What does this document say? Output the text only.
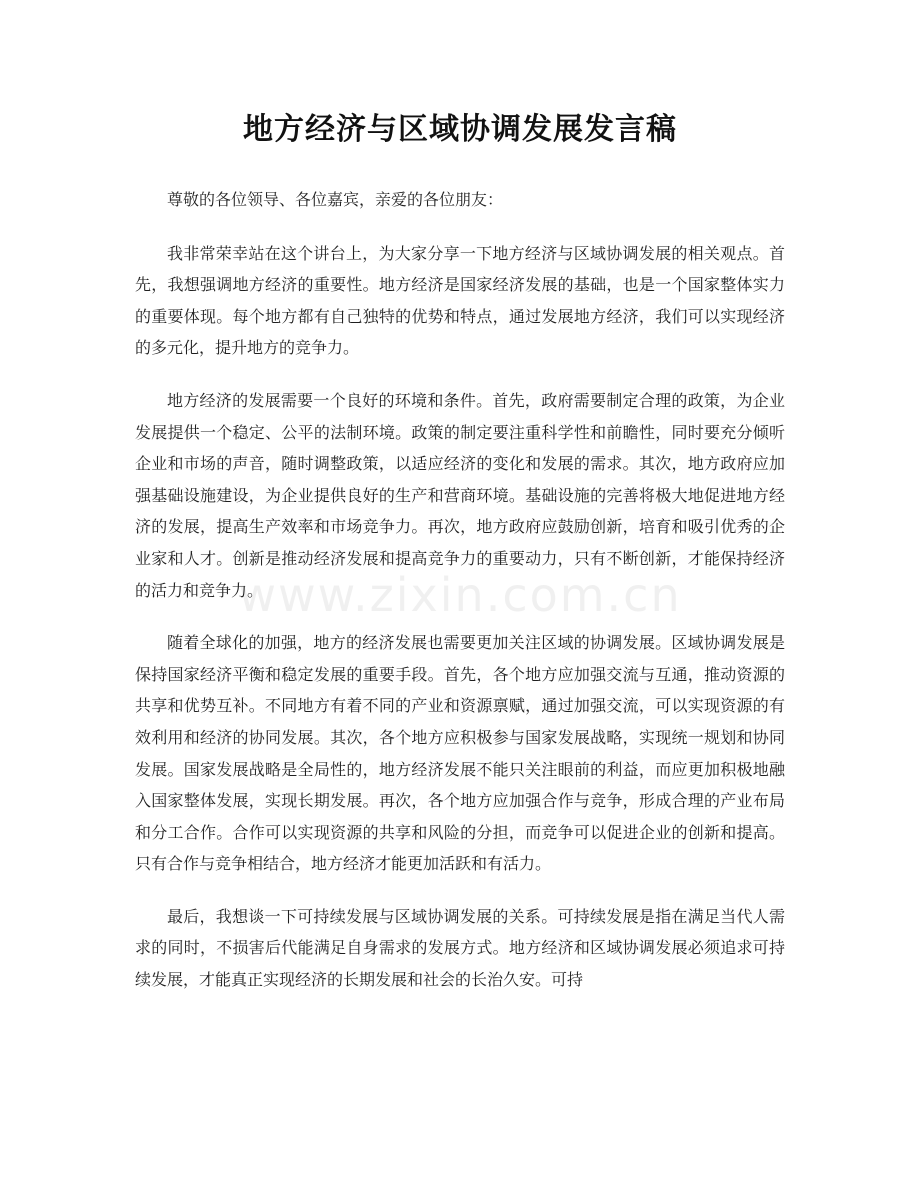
www.zixin.com.cn
地方经济与区域协调发展发言稿

尊敬的各位领导、各位嘉宾，亲爱的各位朋友：

我非常荣幸站在这个讲台上，为大家分享一下地方经济与区域协调发展的相关观点。首先，我想强调地方经济的重要性。地方经济是国家经济发展的基础，也是一个国家整体实力的重要体现。每个地方都有自己独特的优势和特点，通过发展地方经济，我们可以实现经济的多元化，提升地方的竞争力。

地方经济的发展需要一个良好的环境和条件。首先，政府需要制定合理的政策，为企业发展提供一个稳定、公平的法制环境。政策的制定要注重科学性和前瞻性，同时要充分倾听企业和市场的声音，随时调整政策，以适应经济的变化和发展的需求。其次，地方政府应加强基础设施建设，为企业提供良好的生产和营商环境。基础设施的完善将极大地促进地方经济的发展，提高生产效率和市场竞争力。再次，地方政府应鼓励创新，培育和吸引优秀的企业家和人才。创新是推动经济发展和提高竞争力的重要动力，只有不断创新，才能保持经济的活力和竞争力。

随着全球化的加强，地方的经济发展也需要更加关注区域的协调发展。区域协调发展是保持国家经济平衡和稳定发展的重要手段。首先，各个地方应加强交流与互通，推动资源的共享和优势互补。不同地方有着不同的产业和资源禀赋，通过加强交流，可以实现资源的有效利用和经济的协同发展。其次，各个地方应积极参与国家发展战略，实现统一规划和协同发展。国家发展战略是全局性的，地方经济发展不能只关注眼前的利益，而应更加积极地融入国家整体发展，实现长期发展。再次，各个地方应加强合作与竞争，形成合理的产业布局和分工合作。合作可以实现资源的共享和风险的分担，而竞争可以促进企业的创新和提高。只有合作与竞争相结合，地方经济才能更加活跃和有活力。

最后，我想谈一下可持续发展与区域协调发展的关系。可持续发展是指在满足当代人需求的同时，不损害后代能满足自身需求的发展方式。地方经济和区域协调发展必须追求可持续发展，才能真正实现经济的长期发展和社会的长治久安。可持
